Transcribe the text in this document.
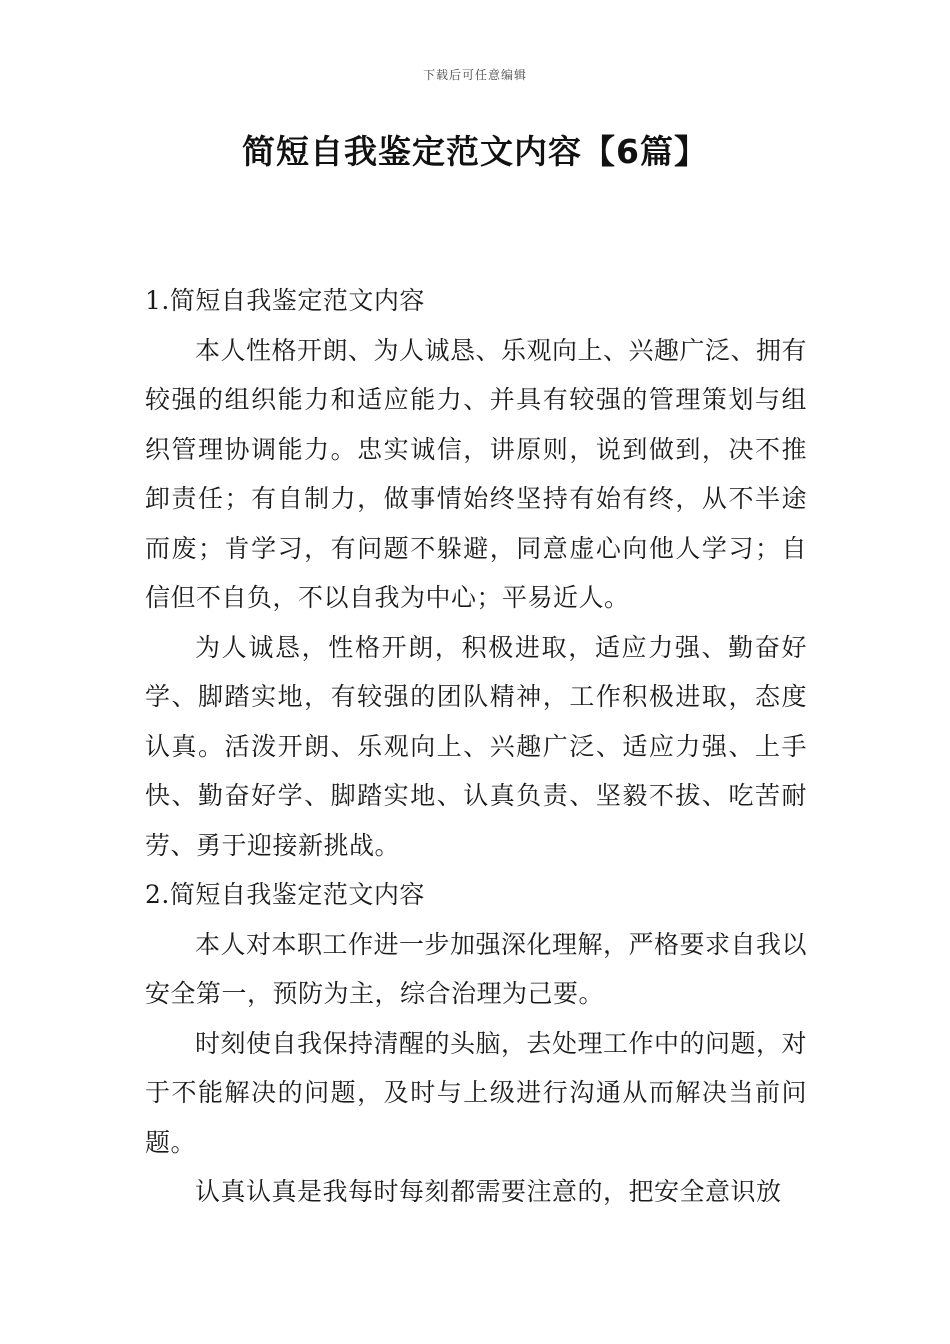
下载后可任意编辑
简短自我鉴定范文内容【6篇】

1.简短自我鉴定范文内容

本人性格开朗、为人诚恳、乐观向上、兴趣广泛、拥有较强的组织能力和适应能力、并具有较强的管理策划与组织管理协调能力。忠实诚信，讲原则，说到做到，决不推卸责任；有自制力，做事情始终坚持有始有终，从不半途而废；肯学习，有问题不躲避，同意虚心向他人学习；自信但不自负，不以自我为中心；平易近人。

为人诚恳，性格开朗，积极进取，适应力强、勤奋好学、脚踏实地，有较强的团队精神，工作积极进取，态度认真。活泼开朗、乐观向上、兴趣广泛、适应力强、上手快、勤奋好学、脚踏实地、认真负责、坚毅不拔、吃苦耐劳、勇于迎接新挑战。

2.简短自我鉴定范文内容

本人对本职工作进一步加强深化理解，严格要求自我以安全第一，预防为主，综合治理为己要。

时刻使自我保持清醒的头脑，去处理工作中的问题，对于不能解决的问题，及时与上级进行沟通从而解决当前问题。

认真认真是我每时每刻都需要注意的，把安全意识放
